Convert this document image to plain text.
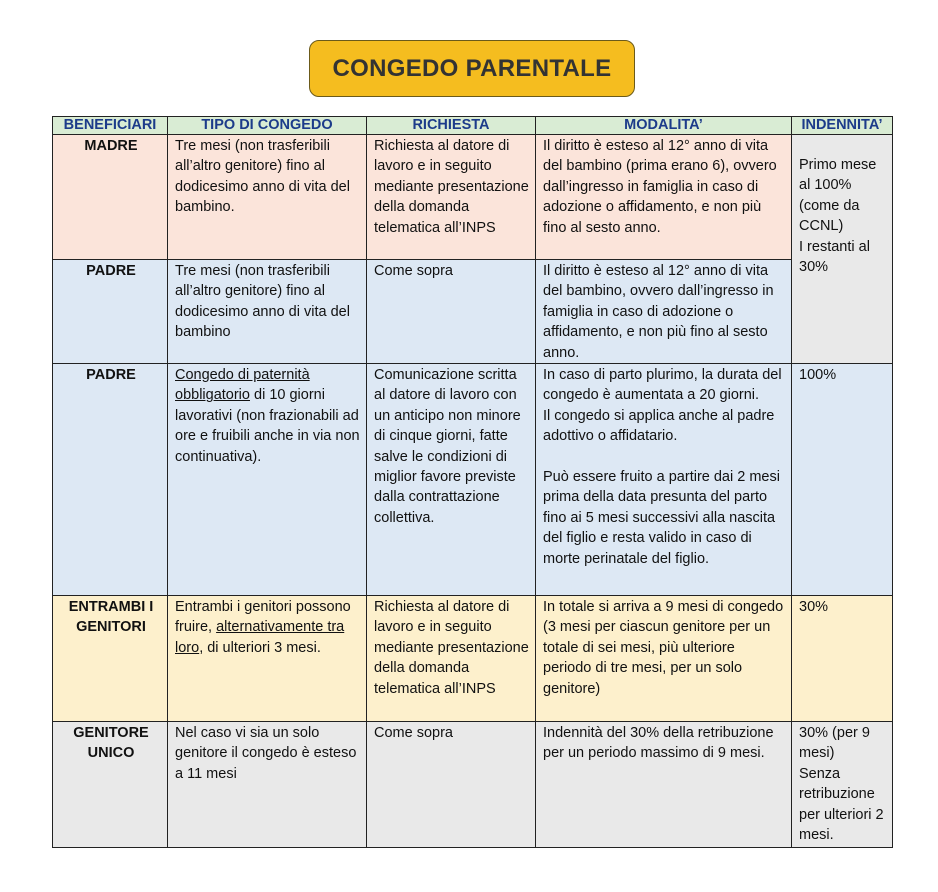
CONGEDO PARENTALE
BENEFICIARI	TIPO DI CONGEDO	RICHIESTA	MODALITA’	INDENNITA’
MADRE	Tre mesi (non trasferibili all’altro genitore) fino al dodicesimo anno di vita del bambino.	Richiesta al datore di lavoro e in seguito mediante presentazione della domanda telematica all’INPS	Il diritto è esteso al 12° anno di vita del bambino (prima erano 6), ovvero dall’ingresso in famiglia in caso di adozione o affidamento, e non più fino al sesto anno.	Primo mese al 100% (come da CCNL)
I restanti al 30%
PADRE	Tre mesi (non trasferibili all’altro genitore) fino al dodicesimo anno di vita del bambino	Come sopra	Il diritto è esteso al 12° anno di vita del bambino, ovvero dall’ingresso in famiglia in caso di adozione o affidamento, e non più fino al sesto anno.	
PADRE	Congedo di paternità obbligatorio di 10 giorni lavorativi (non frazionabili ad ore e fruibili anche in via non continuativa).	Comunicazione scritta al datore di lavoro con un anticipo non minore di cinque giorni, fatte salve le condizioni di miglior favore previste dalla contrattazione collettiva.	In caso di parto plurimo, la durata del congedo è aumentata a 20 giorni.
Il congedo si applica anche al padre adottivo o affidatario.

Può essere fruito a partire dai 2 mesi prima della data presunta del parto fino ai 5 mesi successivi alla nascita del figlio e resta valido in caso di morte perinatale del figlio.	100%
ENTRAMBI I GENITORI	Entrambi i genitori possono fruire, alternativamente tra loro, di ulteriori 3 mesi.	Richiesta al datore di lavoro e in seguito mediante presentazione della domanda telematica all’INPS	In totale si arriva a 9 mesi di congedo (3 mesi per ciascun genitore per un totale di sei mesi, più ulteriore periodo di tre mesi, per un solo genitore)	30%
GENITORE UNICO	Nel caso vi sia un solo genitore il congedo è esteso a 11 mesi	Come sopra	Indennità del 30% della retribuzione per un periodo massimo di 9 mesi.	30% (per 9 mesi)
Senza retribuzione per ulteriori 2 mesi.
